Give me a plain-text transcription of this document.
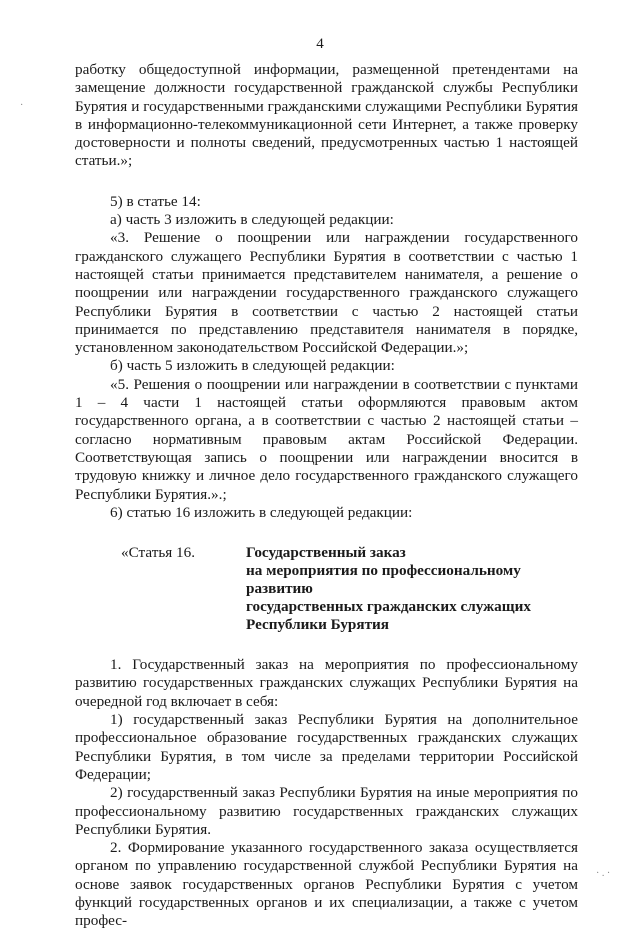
4
·
· . ·

работку общедоступной информации, размещенной претендентами на замещение должности государственной гражданской службы Республики Бурятия и государственными гражданскими служащими Республики Бурятия в информационно-телекоммуникационной сети Интернет, а также проверку достоверности и полноты сведений, предусмотренных частью 1 настоящей статьи.»;

5) в статье 14:

а) часть 3 изложить в следующей редакции:

«3. Решение о поощрении или награждении государственного гражданского служащего Республики Бурятия в соответствии с частью 1 настоящей статьи принимается представителем нанимателя, а решение о поощрении или награждении государственного гражданского служащего Республики Бурятия в соответствии с частью 2 настоящей статьи принимается по представлению представителя нанимателя в порядке, установленном законодательством Российской Федерации.»;

б) часть 5 изложить в следующей редакции:

«5. Решения о поощрении или награждении в соответствии с пунктами 1 – 4 части 1 настоящей статьи оформляются правовым актом государственного органа, а в соответствии с частью 2 настоящей статьи – согласно нормативным правовым актам Российской Федерации. Соответствующая запись о поощрении или награждении вносится в трудовую книжку и личное дело государственного гражданского служащего Республики Бурятия.».;

6) статью 16 изложить в следующей редакции:

«Статья 16.	Государственный заказ
на мероприятия по профессиональному развитию
государственных гражданских служащих
Республики Бурятия

1. Государственный заказ на мероприятия по профессиональному развитию государственных гражданских служащих Республики Бурятия на очередной год включает в себя:

1) государственный заказ Республики Бурятия на дополнительное профессиональное образование государственных гражданских служащих Республики Бурятия, в том числе за пределами территории Российской Федерации;

2) государственный заказ Республики Бурятия на иные мероприятия по профессиональному развитию государственных гражданских служащих Республики Бурятия.

2. Формирование указанного государственного заказа осуществляется органом по управлению государственной службой Республики Бурятия на основе заявок государственных органов Республики Бурятия с учетом функций государственных органов и их специализации, а также с учетом профес-
